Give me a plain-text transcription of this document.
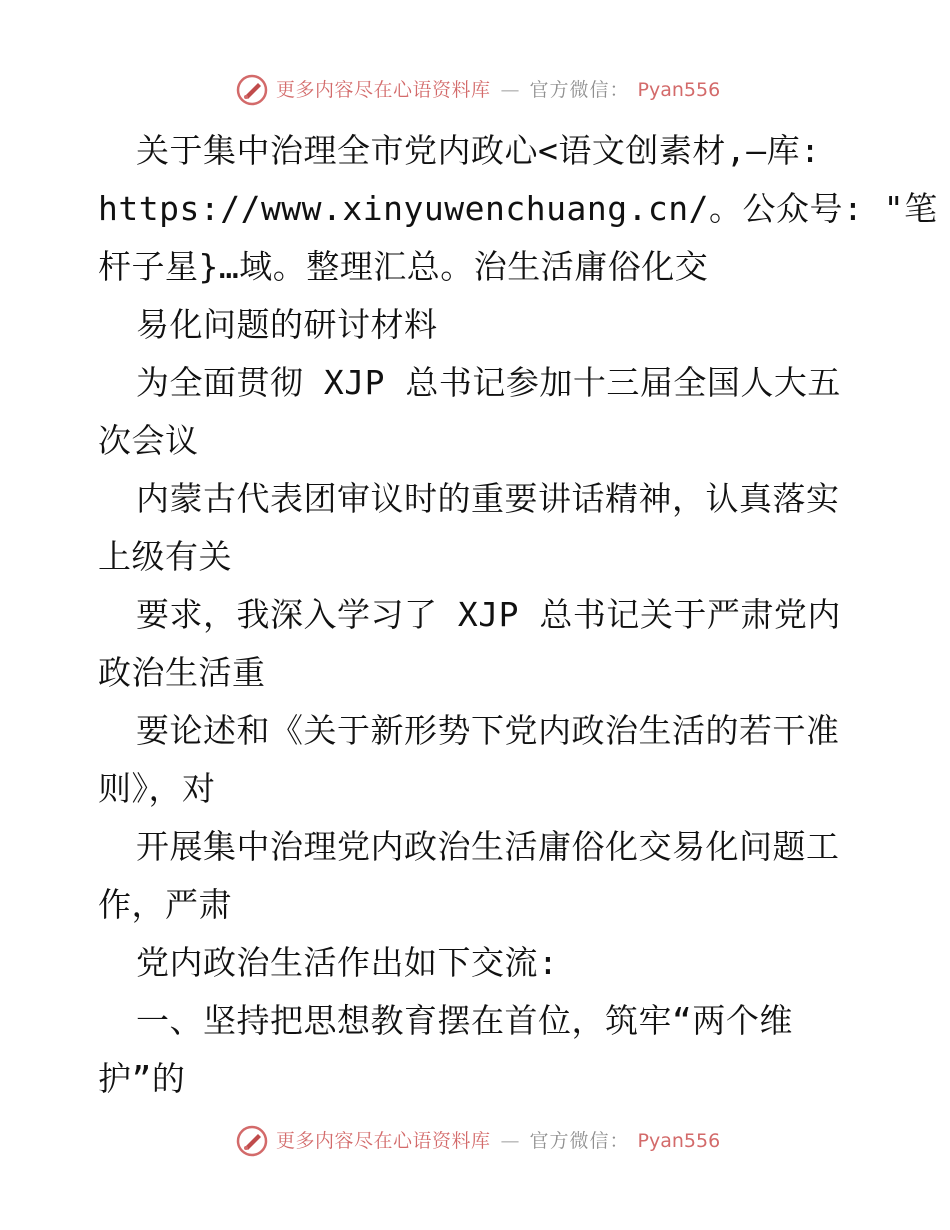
更多内容尽在心语资料库 — 官方微信： Pyan556
关于集中治理全市党内政心<语文创素材,—库:
https://www.xinyuwenchuang.cn/。公众号: "笔
杆子星}…域。整理汇总。治生活庸俗化交
易化问题的研讨材料
为全面贯彻 XJP 总书记参加十三届全国人大五
次会议
内蒙古代表团审议时的重要讲话精神，认真落实
上级有关
要求，我深入学习了 XJP 总书记关于严肃党内
政治生活重
要论述和《关于新形势下党内政治生活的若干准
则》，对
开展集中治理党内政治生活庸俗化交易化问题工
作，严肃
党内政治生活作出如下交流:
一、坚持把思想教育摆在首位，筑牢“两个维
护”的
更多内容尽在心语资料库 — 官方微信： Pyan556
